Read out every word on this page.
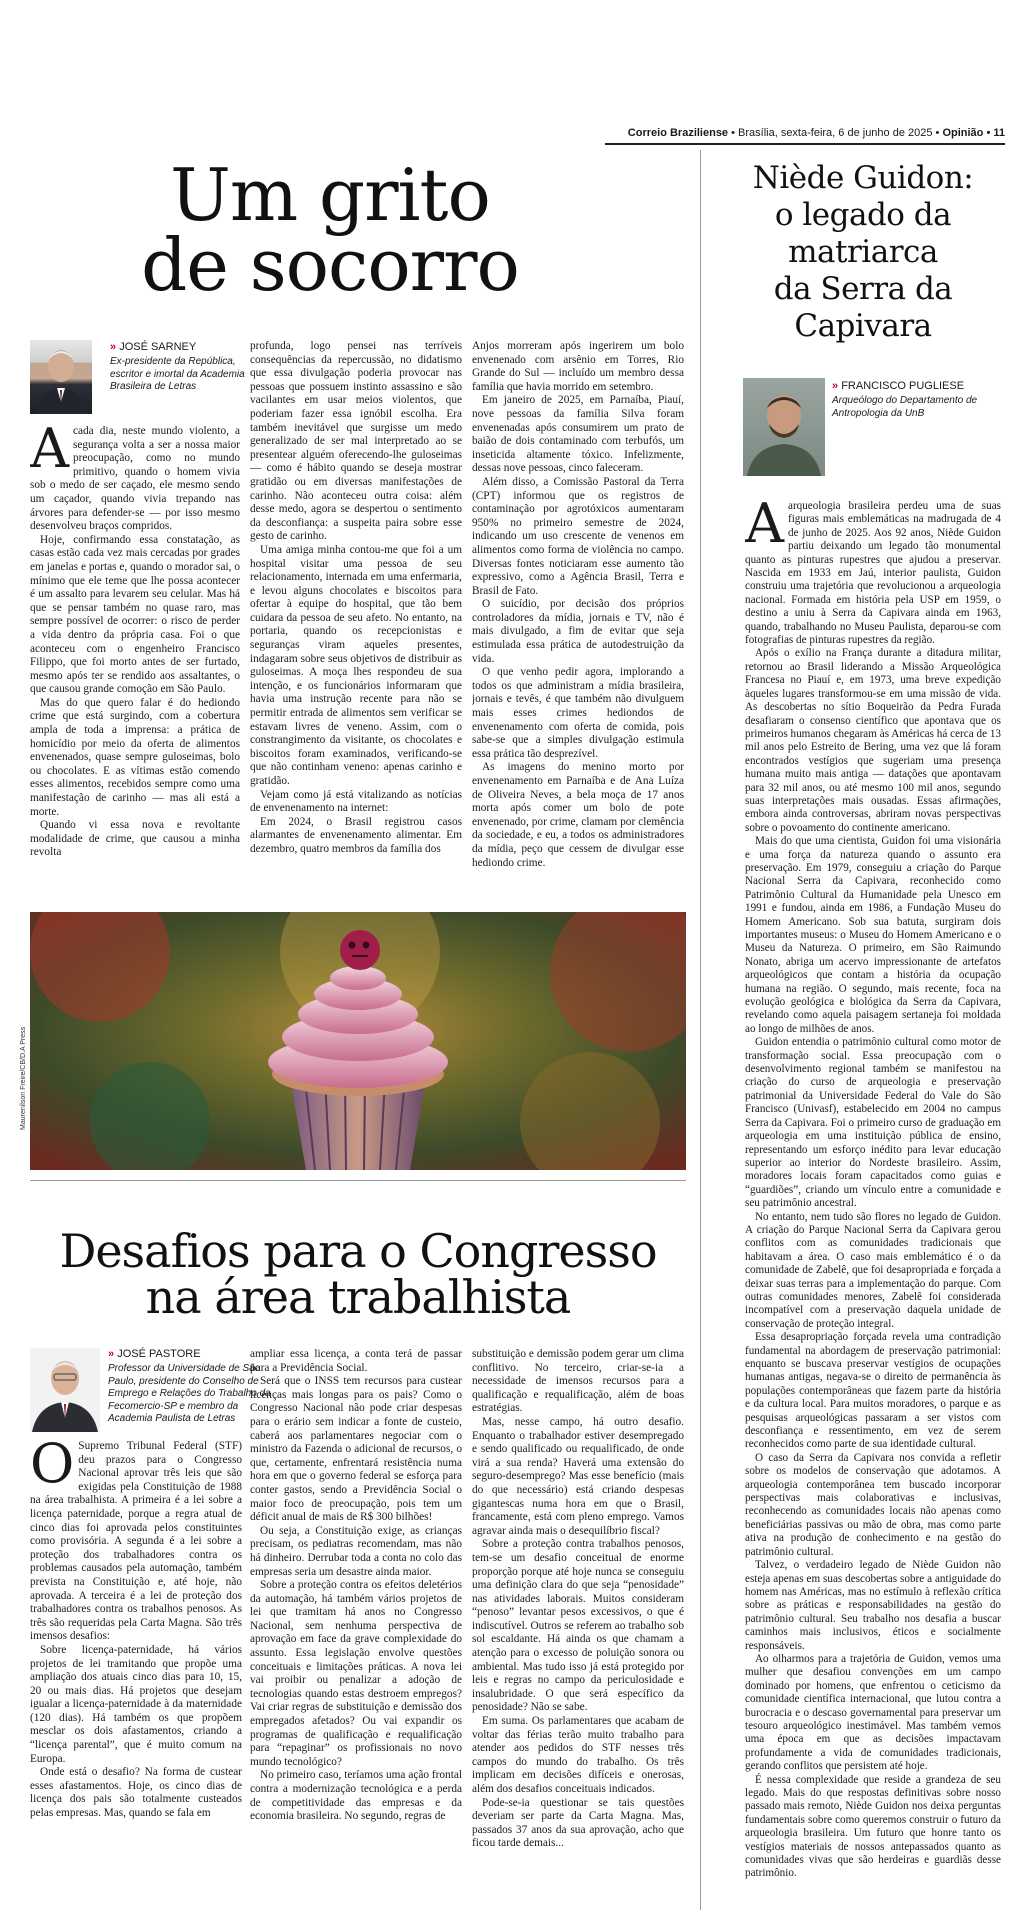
Correio Braziliense • Brasília, sexta-feira, 6 de junho de 2025 • Opinião • 11
Um grito
de socorro
» JOSÉ SARNEY
Ex-presidente da República, escritor e imortal da Academia Brasileira de Letras
A cada dia, neste mundo violento, a segurança volta a ser a nossa maior preocupação, como no mundo primitivo, quando o homem vivia sob o medo de ser caçado, ele mesmo sendo um caçador, quando vivia trepando nas árvores para defender-se — por isso mesmo desenvolveu braços compridos.

Hoje, confirmando essa constatação, as casas estão cada vez mais cercadas por grades em janelas e portas e, quando o morador sai, o mínimo que ele teme que lhe possa acontecer é um assalto para levarem seu celular. Mas há que se pensar também no quase raro, mas sempre possível de ocorrer: o risco de perder a vida dentro da própria casa. Foi o que aconteceu com o engenheiro Francisco Filippo, que foi morto antes de ser furtado, mesmo após ter se rendido aos assaltantes, o que causou grande comoção em São Paulo.

Mas do que quero falar é do hediondo crime que está surgindo, com a cobertura ampla de toda a imprensa: a prática de homicídio por meio da oferta de alimentos envenenados, quase sempre guloseimas, bolo ou chocolates. E as vítimas estão comendo esses alimentos, recebidos sempre como uma manifestação de carinho — mas ali está a morte.

Quando vi essa nova e revoltante modalidade de crime, que causou a minha revolta

profunda, logo pensei nas terríveis consequências da repercussão, no didatismo que essa divulgação poderia provocar nas pessoas que possuem instinto assassino e são vacilantes em usar meios violentos, que poderiam fazer essa ignóbil escolha. Era também inevitável que surgisse um medo generalizado de ser mal interpretado ao se presentear alguém oferecendo-lhe guloseimas — como é hábito quando se deseja mostrar gratidão ou em diversas manifestações de carinho. Não aconteceu outra coisa: além desse medo, agora se despertou o sentimento da desconfiança: a suspeita paira sobre esse gesto de carinho.

Uma amiga minha contou-me que foi a um hospital visitar uma pessoa de seu relacionamento, internada em uma enfermaria, e levou alguns chocolates e biscoitos para ofertar à equipe do hospital, que tão bem cuidara da pessoa de seu afeto. No entanto, na portaria, quando os recepcionistas e seguranças viram aqueles presentes, indagaram sobre seus objetivos de distribuir as guloseimas. A moça lhes respondeu de sua intenção, e os funcionários informaram que havia uma instrução recente para não se permitir entrada de alimentos sem verificar se estavam livres de veneno. Assim, com o constrangimento da visitante, os chocolates e biscoitos foram examinados, verificando-se que não continham veneno: apenas carinho e gratidão.

Vejam como já está vitalizando as notícias de envenenamento na internet:

Em 2024, o Brasil registrou casos alarmantes de envenenamento alimentar. Em dezembro, quatro membros da família dos

Anjos morreram após ingerirem um bolo envenenado com arsênio em Torres, Rio Grande do Sul — incluído um membro dessa família que havia morrido em setembro.

Em janeiro de 2025, em Parnaíba, Piauí, nove pessoas da família Silva foram envenenadas após consumirem um prato de baião de dois contaminado com terbufós, um inseticida altamente tóxico. Infelizmente, dessas nove pessoas, cinco faleceram.

Além disso, a Comissão Pastoral da Terra (CPT) informou que os registros de contaminação por agrotóxicos aumentaram 950% no primeiro semestre de 2024, indicando um uso crescente de venenos em alimentos como forma de violência no campo. Diversas fontes noticiaram esse aumento tão expressivo, como a Agência Brasil, Terra e Brasil de Fato.

O suicídio, por decisão dos próprios controladores da mídia, jornais e TV, não é mais divulgado, a fim de evitar que seja estimulada essa prática de autodestruição da vida.

O que venho pedir agora, implorando a todos os que administram a mídia brasileira, jornais e tevês, é que também não divulguem mais esses crimes hediondos de envenenamento com oferta de comida, pois sabe-se que a simples divulgação estimula essa prática tão desprezível.

As imagens do menino morto por envenenamento em Parnaíba e de Ana Luíza de Oliveira Neves, a bela moça de 17 anos morta após comer um bolo de pote envenenado, por crime, clamam por clemência da sociedade, e eu, a todos os administradores da mídia, peço que cessem de divulgar esse hediondo crime.

Maurenilson Freire/CB/D.A Press
Desafios para o Congresso
na área trabalhista
» JOSÉ PASTORE
Professor da Universidade de São Paulo, presidente do Conselho de Emprego e Relações do Trabalho da Fecomercio-SP e membro da Academia Paulista de Letras
O Supremo Tribunal Federal (STF) deu prazos para o Congresso Nacional aprovar três leis que são exigidas pela Constituição de 1988 na área trabalhista. A primeira é a lei sobre a licença paternidade, porque a regra atual de cinco dias foi aprovada pelos constituintes como provisória. A segunda é a lei sobre a proteção dos trabalhadores contra os problemas causados pela automação, também prevista na Constituição e, até hoje, não aprovada. A terceira é a lei de proteção dos trabalhadores contra os trabalhos penosos. As três são requeridas pela Carta Magna. São três imensos desafios:

Sobre licença-paternidade, há vários projetos de lei tramitando que propõe uma ampliação dos atuais cinco dias para 10, 15, 20 ou mais dias. Há projetos que desejam igualar a licença-paternidade à da maternidade (120 dias). Há também os que propõem mesclar os dois afastamentos, criando a “licença parental”, que é muito comum na Europa.

Onde está o desafio? Na forma de custear esses afastamentos. Hoje, os cinco dias de licença dos pais são totalmente custeados pelas empresas. Mas, quando se fala em

ampliar essa licença, a conta terá de passar para a Previdência Social.

Será que o INSS tem recursos para custear licenças mais longas para os pais? Como o Congresso Nacional não pode criar despesas para o erário sem indicar a fonte de custeio, caberá aos parlamentares negociar com o ministro da Fazenda o adicional de recursos, o que, certamente, enfrentará resistência numa hora em que o governo federal se esforça para conter gastos, sendo a Previdência Social o maior foco de preocupação, pois tem um déficit anual de mais de R$ 300 bilhões!

Ou seja, a Constituição exige, as crianças precisam, os pediatras recomendam, mas não há dinheiro. Derrubar toda a conta no colo das empresas seria um desastre ainda maior.

Sobre a proteção contra os efeitos deletérios da automação, há também vários projetos de lei que tramitam há anos no Congresso Nacional, sem nenhuma perspectiva de aprovação em face da grave complexidade do assunto. Essa legislação envolve questões conceituais e limitações práticas. A nova lei vai proibir ou penalizar a adoção de tecnologias quando estas destroem empregos? Vai criar regras de substituição e demissão dos empregados afetados? Ou vai expandir os programas de qualificação e requalificação para “repaginar” os profissionais no novo mundo tecnológico?

No primeiro caso, teríamos uma ação frontal contra a modernização tecnológica e a perda de competitividade das empresas e da economia brasileira. No segundo, regras de

substituição e demissão podem gerar um clima conflitivo. No terceiro, criar-se-ia a necessidade de imensos recursos para a qualificação e requalificação, além de boas estratégias.

Mas, nesse campo, há outro desafio. Enquanto o trabalhador estiver desempregado e sendo qualificado ou requalificado, de onde virá a sua renda? Haverá uma extensão do seguro-desemprego? Mas esse benefício (mais do que necessário) está criando despesas gigantescas numa hora em que o Brasil, francamente, está com pleno emprego. Vamos agravar ainda mais o desequilíbrio fiscal?

Sobre a proteção contra trabalhos penosos, tem-se um desafio conceitual de enorme proporção porque até hoje nunca se conseguiu uma definição clara do que seja “penosidade” nas atividades laborais. Muitos consideram “penoso” levantar pesos excessivos, o que é indiscutível. Outros se referem ao trabalho sob sol escaldante. Há ainda os que chamam a atenção para o excesso de poluição sonora ou ambiental. Mas tudo isso já está protegido por leis e regras no campo da periculosidade e insalubridade. O que será específico da penosidade? Não se sabe.

Em suma. Os parlamentares que acabam de voltar das férias terão muito trabalho para atender aos pedidos do STF nesses três campos do mundo do trabalho. Os três implicam em decisões difíceis e onerosas, além dos desafios conceituais indicados.

Pode-se-ia questionar se tais questões deveriam ser parte da Carta Magna. Mas, passados 37 anos da sua aprovação, acho que ficou tarde demais...

Niède Guidon:
o legado da
matriarca
da Serra da
Capivara
» FRANCISCO PUGLIESE
Arqueólogo do Departamento de Antropologia da UnB
A arqueologia brasileira perdeu uma de suas figuras mais emblemáticas na madrugada de 4 de junho de 2025. Aos 92 anos, Niède Guidon partiu deixando um legado tão monumental quanto as pinturas rupestres que ajudou a preservar. Nascida em 1933 em Jaú, interior paulista, Guidon construiu uma trajetória que revolucionou a arqueologia nacional. Formada em história pela USP em 1959, o destino a uniu à Serra da Capivara ainda em 1963, quando, trabalhando no Museu Paulista, deparou-se com fotografias de pinturas rupestres da região.

Após o exílio na França durante a ditadura militar, retornou ao Brasil liderando a Missão Arqueológica Francesa no Piauí e, em 1973, uma breve expedição àqueles lugares transformou-se em uma missão de vida. As descobertas no sítio Boqueirão da Pedra Furada desafiaram o consenso científico que apontava que os primeiros humanos chegaram às Américas há cerca de 13 mil anos pelo Estreito de Bering, uma vez que lá foram encontrados vestígios que sugeriam uma presença humana muito mais antiga — datações que apontavam para 32 mil anos, ou até mesmo 100 mil anos, segundo suas interpretações mais ousadas. Essas afirmações, embora ainda controversas, abriram novas perspectivas sobre o povoamento do continente americano.

Mais do que uma cientista, Guidon foi uma visionária e uma força da natureza quando o assunto era preservação. Em 1979, conseguiu a criação do Parque Nacional Serra da Capivara, reconhecido como Patrimônio Cultural da Humanidade pela Unesco em 1991 e fundou, ainda em 1986, a Fundação Museu do Homem Americano. Sob sua batuta, surgiram dois importantes museus: o Museu do Homem Americano e o Museu da Natureza. O primeiro, em São Raimundo Nonato, abriga um acervo impressionante de artefatos arqueológicos que contam a história da ocupação humana na região. O segundo, mais recente, foca na evolução geológica e biológica da Serra da Capivara, revelando como aquela paisagem sertaneja foi moldada ao longo de milhões de anos.

Guidon entendia o patrimônio cultural como motor de transformação social. Essa preocupação com o desenvolvimento regional também se manifestou na criação do curso de arqueologia e preservação patrimonial da Universidade Federal do Vale do São Francisco (Univasf), estabelecido em 2004 no campus Serra da Capivara. Foi o primeiro curso de graduação em arqueologia em uma instituição pública de ensino, representando um esforço inédito para levar educação superior ao interior do Nordeste brasileiro. Assim, moradores locais foram capacitados como guias e “guardiões”, criando um vínculo entre a comunidade e seu patrimônio ancestral.

No entanto, nem tudo são flores no legado de Guidon. A criação do Parque Nacional Serra da Capivara gerou conflitos com as comunidades tradicionais que habitavam a área. O caso mais emblemático é o da comunidade de Zabelê, que foi desapropriada e forçada a deixar suas terras para a implementação do parque. Com outras comunidades menores, Zabelê foi considerada incompatível com a preservação daquela unidade de conservação de proteção integral.

Essa desapropriação forçada revela uma contradição fundamental na abordagem de preservação patrimonial: enquanto se buscava preservar vestígios de ocupações humanas antigas, negava-se o direito de permanência às populações contemporâneas que fazem parte da história e da cultura local. Para muitos moradores, o parque e as pesquisas arqueológicas passaram a ser vistos com desconfiança e ressentimento, em vez de serem reconhecidos como parte de sua identidade cultural.

O caso da Serra da Capivara nos convida a refletir sobre os modelos de conservação que adotamos. A arqueologia contemporânea tem buscado incorporar perspectivas mais colaborativas e inclusivas, reconhecendo as comunidades locais não apenas como beneficiárias passivas ou mão de obra, mas como parte ativa na produção de conhecimento e na gestão do patrimônio cultural.

Talvez, o verdadeiro legado de Niède Guidon não esteja apenas em suas descobertas sobre a antiguidade do homem nas Américas, mas no estímulo à reflexão crítica sobre as práticas e responsabilidades na gestão do patrimônio cultural. Seu trabalho nos desafia a buscar caminhos mais inclusivos, éticos e socialmente responsáveis.

Ao olharmos para a trajetória de Guidon, vemos uma mulher que desafiou convenções em um campo dominado por homens, que enfrentou o ceticismo da comunidade científica internacional, que lutou contra a burocracia e o descaso governamental para preservar um tesouro arqueológico inestimável. Mas também vemos uma época em que as decisões impactavam profundamente a vida de comunidades tradicionais, gerando conflitos que persistem até hoje.

É nessa complexidade que reside a grandeza de seu legado. Mais do que respostas definitivas sobre nosso passado mais remoto, Niède Guidon nos deixa perguntas fundamentais sobre como queremos construir o futuro da arqueologia brasileira. Um futuro que honre tanto os vestígios materiais de nossos antepassados quanto as comunidades vivas que são herdeiras e guardiãs desse patrimônio.
